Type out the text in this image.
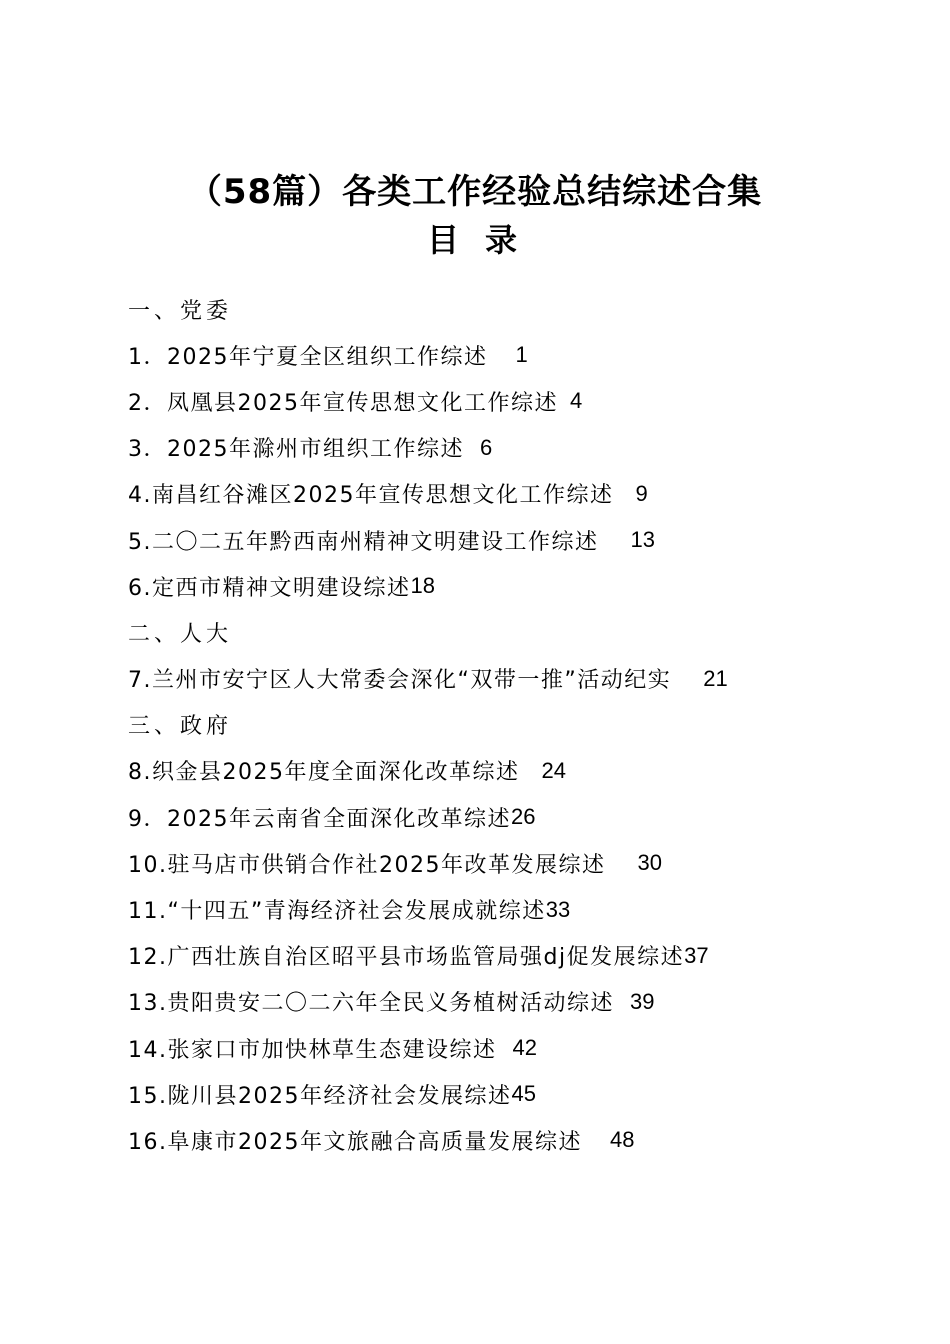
（58篇）各类工作经验总结综述合集
目录
一、党委
1．2025年宁夏全区组织工作综述 1
2．凤凰县2025年宣传思想文化工作综述 4
3．2025年滁州市组织工作综述 6
4.南昌红谷滩区2025年宣传思想文化工作综述 9
5.二〇二五年黔西南州精神文明建设工作综述 13
6.定西市精神文明建设综述 18
二、人大
7.兰州市安宁区人大常委会深化“双带一推”活动纪实 21
三、政府
8.织金县2025年度全面深化改革综述 24
9．2025年云南省全面深化改革综述 26
10.驻马店市供销合作社2025年改革发展综述 30
11.“十四五”青海经济社会发展成就综述 33
12.广西壮族自治区昭平县市场监管局强dj促发展综述 37
13.贵阳贵安二〇二六年全民义务植树活动综述 39
14.张家口市加快林草生态建设综述 42
15.陇川县2025年经济社会发展综述 45
16.阜康市2025年文旅融合高质量发展综述 48
